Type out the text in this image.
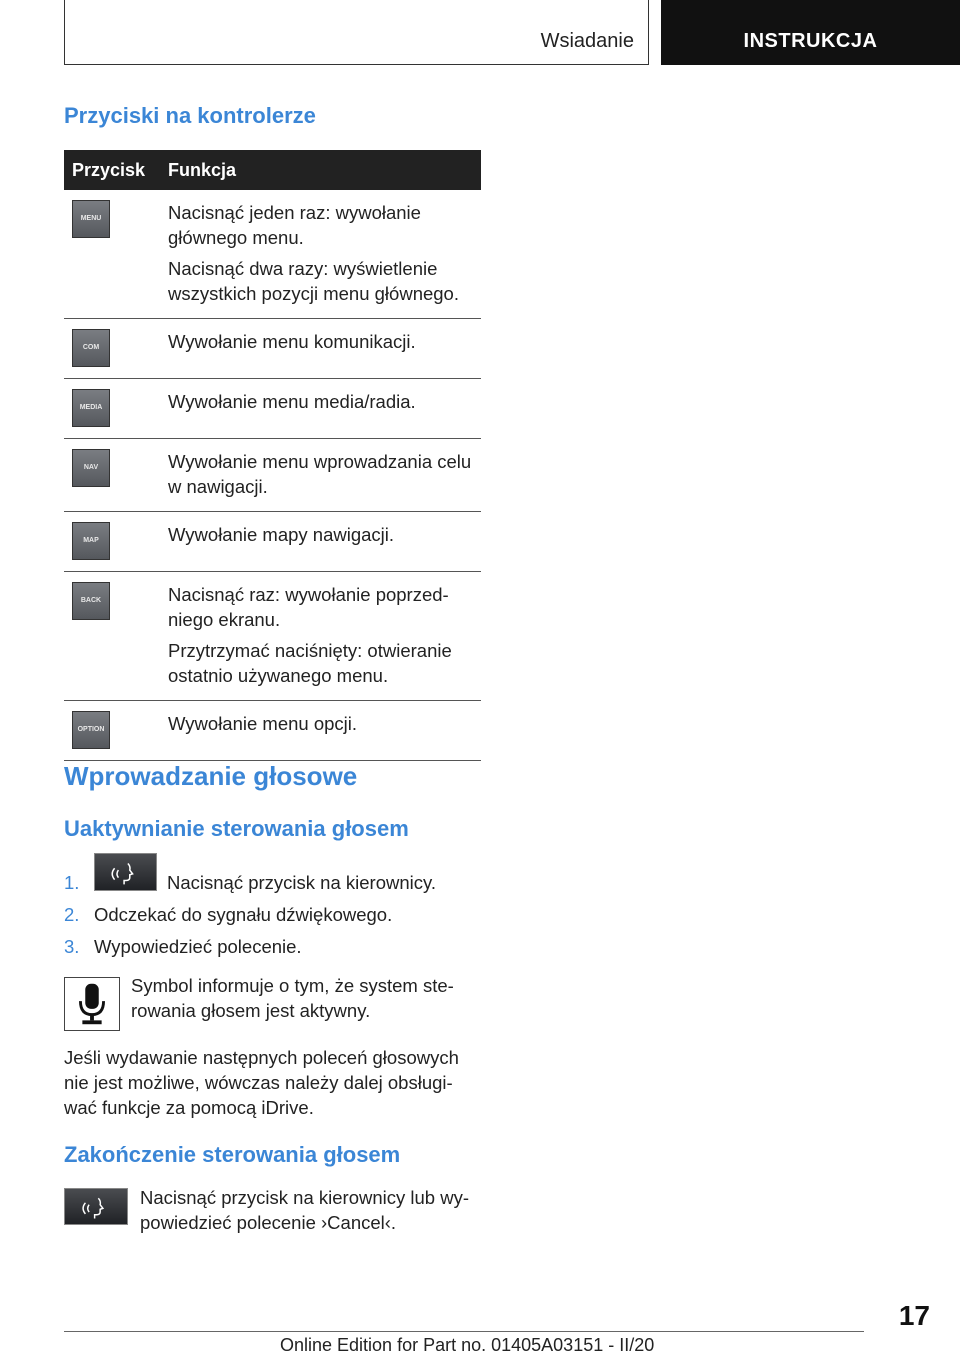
Wsiadanie	INSTRUKCJA
Przyciski na kontrolerze
Przycisk Funkcja
MENU	Nacisnąć jeden raz: wywołanie głównego menu.

Nacisnąć dwa razy: wyświetlenie wszystkich pozycji menu głównego.

COM	Wywołanie menu komunikacji.

MEDIA	Wywołanie menu media/radia.

NAV	Wywołanie menu wprowadzania celu w nawigacji.

MAP	Wywołanie mapy nawigacji.

BACK	Nacisnąć raz: wywołanie poprzedniego ekranu.

Przytrzymać naciśnięty: otwieranie ostatnio używanego menu.

OPTION	Wywołanie menu opcji.

Wprowadzanie głosowe
Uaktywnianie sterowania głosem
1.	Nacisnąć przycisk na kierownicy.
2. Odczekać do sygnału dźwiękowego.
3. Wypowiedzieć polecenie.
Symbol informuje o tym, że system sterowania głosem jest aktywny.
Jeśli wydawanie następnych poleceń głosowych nie jest możliwe, wówczas należy dalej obsługiwać funkcje za pomocą iDrive.
Zakończenie sterowania głosem
Nacisnąć przycisk na kierownicy lub wypowiedzieć polecenie ›Cancel‹.
17
Online Edition for Part no. 01405A03151 - II/20
